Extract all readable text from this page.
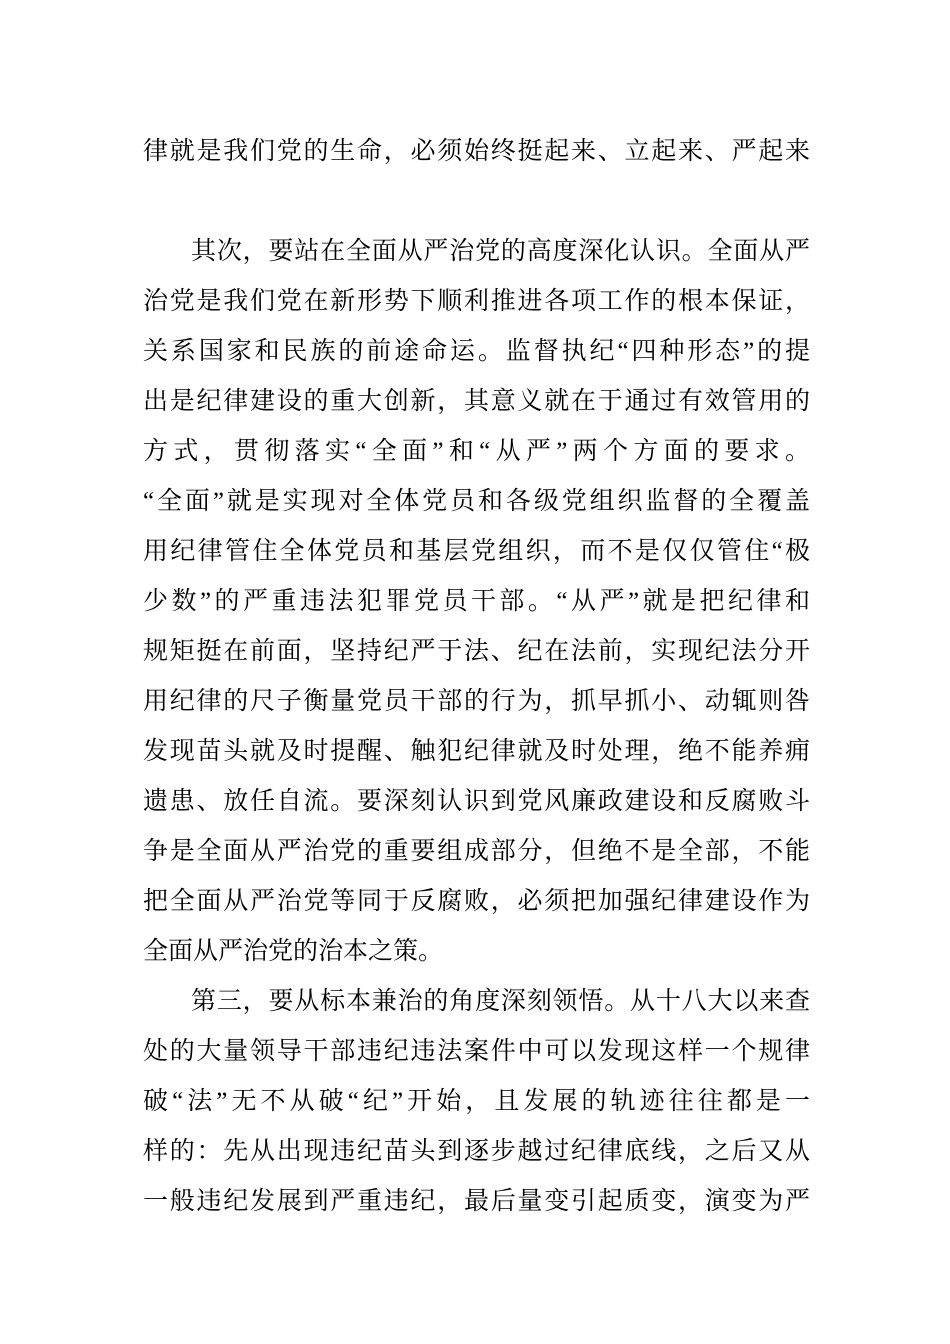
律就是我们党的生命，必须始终挺起来、立起来、严起来
其次，要站在全面从严治党的高度深化认识。全面从严
治党是我们党在新形势下顺利推进各项工作的根本保证，
关系国家和民族的前途命运。监督执纪“四种形态”的提
出是纪律建设的重大创新，其意义就在于通过有效管用的
方式，贯彻落实“全面”和“从严”两个方面的要求。
“全面”就是实现对全体党员和各级党组织监督的全覆盖
用纪律管住全体党员和基层党组织，而不是仅仅管住“极
少数”的严重违法犯罪党员干部。“从严”就是把纪律和
规矩挺在前面，坚持纪严于法、纪在法前，实现纪法分开
用纪律的尺子衡量党员干部的行为，抓早抓小、动辄则咎
发现苗头就及时提醒、触犯纪律就及时处理，绝不能养痈
遗患、放任自流。要深刻认识到党风廉政建设和反腐败斗
争是全面从严治党的重要组成部分，但绝不是全部，不能
把全面从严治党等同于反腐败，必须把加强纪律建设作为
全面从严治党的治本之策。
第三，要从标本兼治的角度深刻领悟。从十八大以来查
处的大量领导干部违纪违法案件中可以发现这样一个规律
破“法”无不从破“纪”开始，且发展的轨迹往往都是一
样的：先从出现违纪苗头到逐步越过纪律底线，之后又从
一般违纪发展到严重违纪，最后量变引起质变，演变为严
